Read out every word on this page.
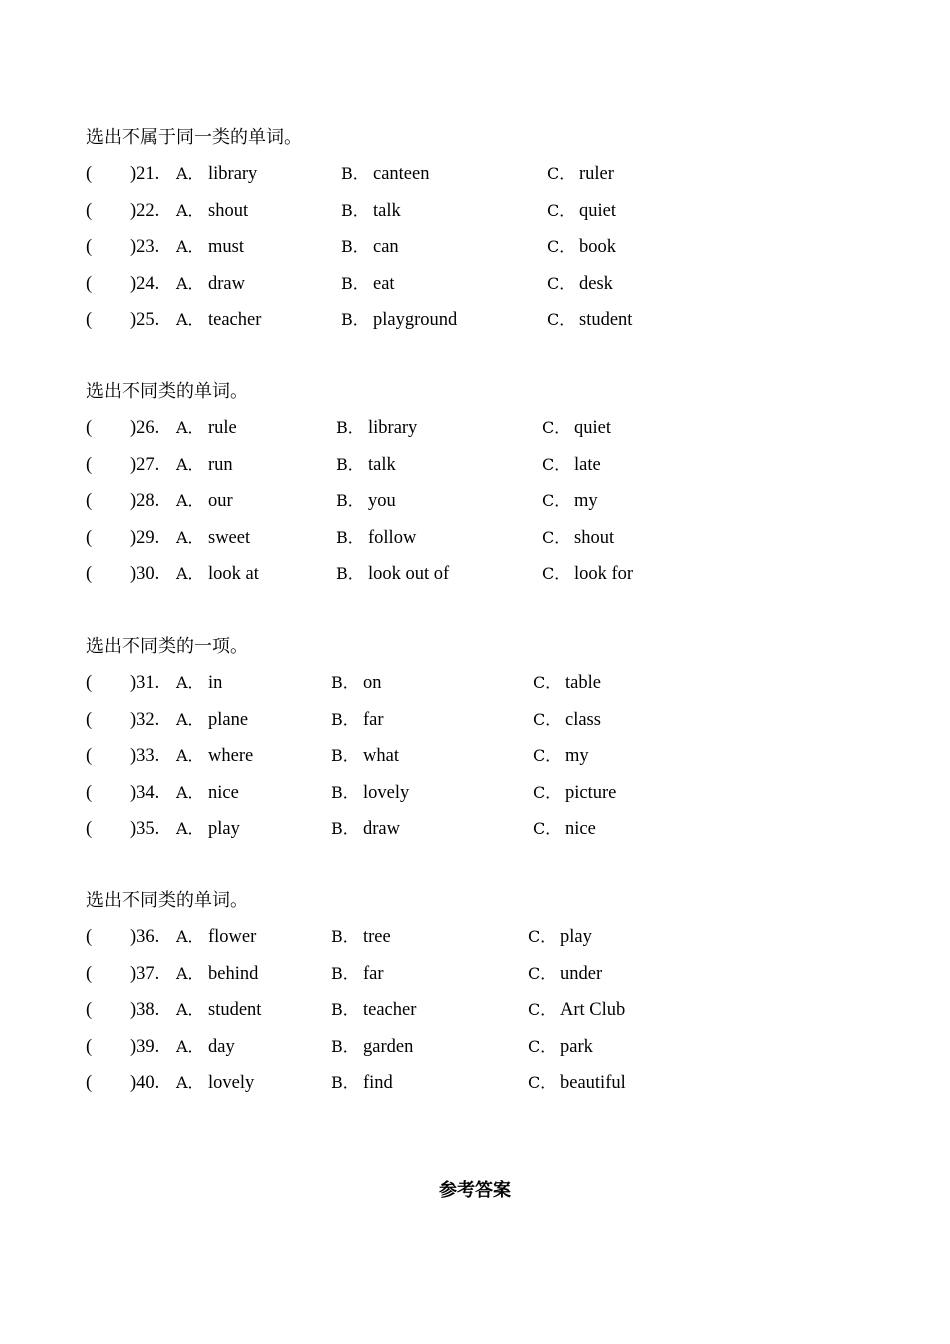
选出不属于同一类的单词。
( )21. A． library	B． canteen	C． ruler
( )22. A． shout	B． talk	C． quiet
( )23. A． must	B． can	C． book
( )24. A． draw	B． eat	C． desk
( )25. A． teacher	B． playground	C． student
选出不同类的单词。
( )26. A． rule	B． library	C． quiet
( )27. A． run	B． talk	C． late
( )28. A． our	B． you	C． my
( )29. A． sweet	B． follow	C． shout
( )30. A． look at	B． look out of	C． look for
选出不同类的一项。
( )31. A． in	B． on	C． table
( )32. A． plane	B． far	C． class
( )33. A． where	B． what	C． my
( )34. A． nice	B． lovely	C． picture
( )35. A． play	B． draw	C． nice
选出不同类的单词。
( )36. A． flower	B． tree	C． play
( )37. A． behind	B． far	C． under
( )38. A． student	B． teacher	C． Art Club
( )39. A． day	B． garden	C． park
( )40. A． lovely	B． find	C． beautiful
参考答案
